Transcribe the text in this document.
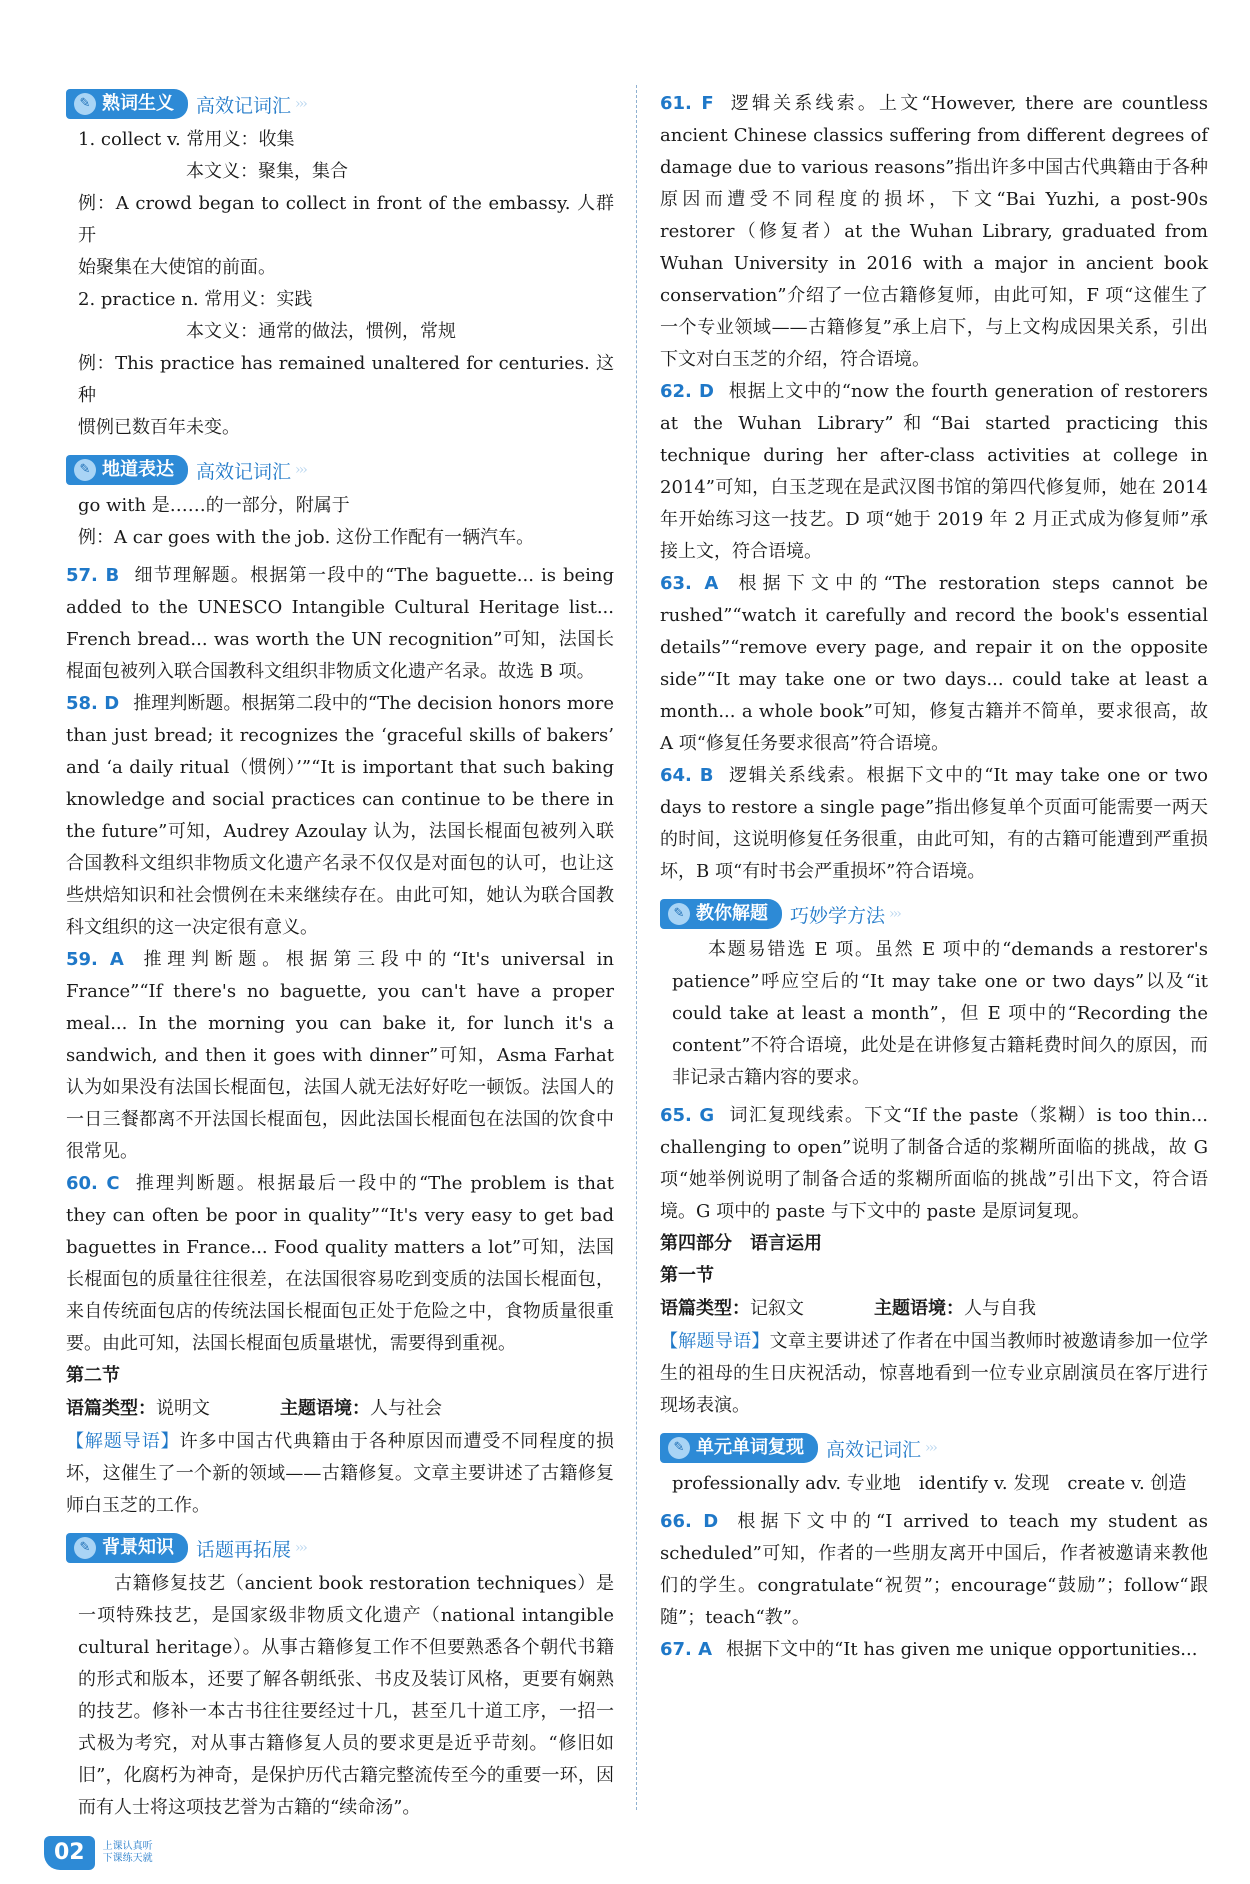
✎ 熟词生义 高效记词汇 ›››

1. collect v. 常用义：收集

本文义：聚集，集合

例：A crowd began to collect in front of the embassy. 人群开

始聚集在大使馆的前面。

2. practice n. 常用义：实践

本文义：通常的做法，惯例，常规

例：This practice has remained unaltered for centuries. 这种

惯例已数百年未变。

✎ 地道表达 高效记词汇 ›››

go with 是……的一部分，附属于

例：A car goes with the job. 这份工作配有一辆汽车。

57. B 细节理解题。根据第一段中的“The baguette... is being added to the UNESCO Intangible Cultural Heritage list... French bread... was worth the UN recognition”可知，法国长棍面包被列入联合国教科文组织非物质文化遗产名录。故选 B 项。

58. D 推理判断题。根据第二段中的“The decision honors more than just bread; it recognizes the ‘graceful skills of bakers’ and ‘a daily ritual（惯例）’”“It is important that such baking knowledge and social practices can continue to be there in the future”可知，Audrey Azoulay 认为，法国长棍面包被列入联合国教科文组织非物质文化遗产名录不仅仅是对面包的认可，也让这些烘焙知识和社会惯例在未来继续存在。由此可知，她认为联合国教科文组织的这一决定很有意义。

59. A 推理判断题。根据第三段中的“It's universal in France”“If there's no baguette, you can't have a proper meal... In the morning you can bake it, for lunch it's a sandwich, and then it goes with dinner”可知，Asma Farhat 认为如果没有法国长棍面包，法国人就无法好好吃一顿饭。法国人的一日三餐都离不开法国长棍面包，因此法国长棍面包在法国的饮食中很常见。

60. C 推理判断题。根据最后一段中的“The problem is that they can often be poor in quality”“It's very easy to get bad baguettes in France... Food quality matters a lot”可知，法国长棍面包的质量往往很差，在法国很容易吃到变质的法国长棍面包，来自传统面包店的传统法国长棍面包正处于危险之中，食物质量很重要。由此可知，法国长棍面包质量堪忧，需要得到重视。

第二节

语篇类型：说明文	主题语境：人与社会

【解题导语】许多中国古代典籍由于各种原因而遭受不同程度的损坏，这催生了一个新的领域——古籍修复。文章主要讲述了古籍修复师白玉芝的工作。

✎ 背景知识 话题再拓展 ›››

古籍修复技艺（ancient book restoration techniques）是一项特殊技艺，是国家级非物质文化遗产（national intangible cultural heritage）。从事古籍修复工作不但要熟悉各个朝代书籍的形式和版本，还要了解各朝纸张、书皮及装订风格，更要有娴熟的技艺。修补一本古书往往要经过十几，甚至几十道工序，一招一式极为考究，对从事古籍修复人员的要求更是近乎苛刻。“修旧如旧”，化腐朽为神奇，是保护历代古籍完整流传至今的重要一环，因而有人士将这项技艺誉为古籍的“续命汤”。

61. F 逻辑关系线索。上文“However, there are countless ancient Chinese classics suffering from different degrees of damage due to various reasons”指出许多中国古代典籍由于各种原因而遭受不同程度的损坏，下文“Bai Yuzhi, a post-90s restorer（修复者）at the Wuhan Library, graduated from Wuhan University in 2016 with a major in ancient book conservation”介绍了一位古籍修复师，由此可知，F 项“这催生了一个专业领域——古籍修复”承上启下，与上文构成因果关系，引出下文对白玉芝的介绍，符合语境。

62. D 根据上文中的“now the fourth generation of restorers at the Wuhan Library”和“Bai started practicing this technique during her after-class activities at college in 2014”可知，白玉芝现在是武汉图书馆的第四代修复师，她在 2014 年开始练习这一技艺。D 项“她于 2019 年 2 月正式成为修复师”承接上文，符合语境。

63. A 根据下文中的“The restoration steps cannot be rushed”“watch it carefully and record the book's essential details”“remove every page, and repair it on the opposite side”“It may take one or two days... could take at least a month... a whole book”可知，修复古籍并不简单，要求很高，故 A 项“修复任务要求很高”符合语境。

64. B 逻辑关系线索。根据下文中的“It may take one or two days to restore a single page”指出修复单个页面可能需要一两天的时间，这说明修复任务很重，由此可知，有的古籍可能遭到严重损坏，B 项“有时书会严重损坏”符合语境。

✎ 教你解题 巧妙学方法 ›››

本题易错选 E 项。虽然 E 项中的“demands a restorer's patience”呼应空后的“It may take one or two days”以及“it could take at least a month”，但 E 项中的“Recording the content”不符合语境，此处是在讲修复古籍耗费时间久的原因，而非记录古籍内容的要求。

65. G 词汇复现线索。下文“If the paste（浆糊）is too thin... challenging to open”说明了制备合适的浆糊所面临的挑战，故 G 项“她举例说明了制备合适的浆糊所面临的挑战”引出下文，符合语境。G 项中的 paste 与下文中的 paste 是原词复现。

第四部分　语言运用

第一节

语篇类型：记叙文	主题语境：人与自我

【解题导语】文章主要讲述了作者在中国当教师时被邀请参加一位学生的祖母的生日庆祝活动，惊喜地看到一位专业京剧演员在客厅进行现场表演。

✎ 单元单词复现 高效记词汇 ›››

professionally adv. 专业地　identify v. 发现　create v. 创造

66. D 根据下文中的“I arrived to teach my student as scheduled”可知，作者的一些朋友离开中国后，作者被邀请来教他们的学生。congratulate“祝贺”；encourage“鼓励”；follow“跟随”；teach“教”。

67. A 根据下文中的“It has given me unique opportunities...

02	上课认真听
下课练天就
